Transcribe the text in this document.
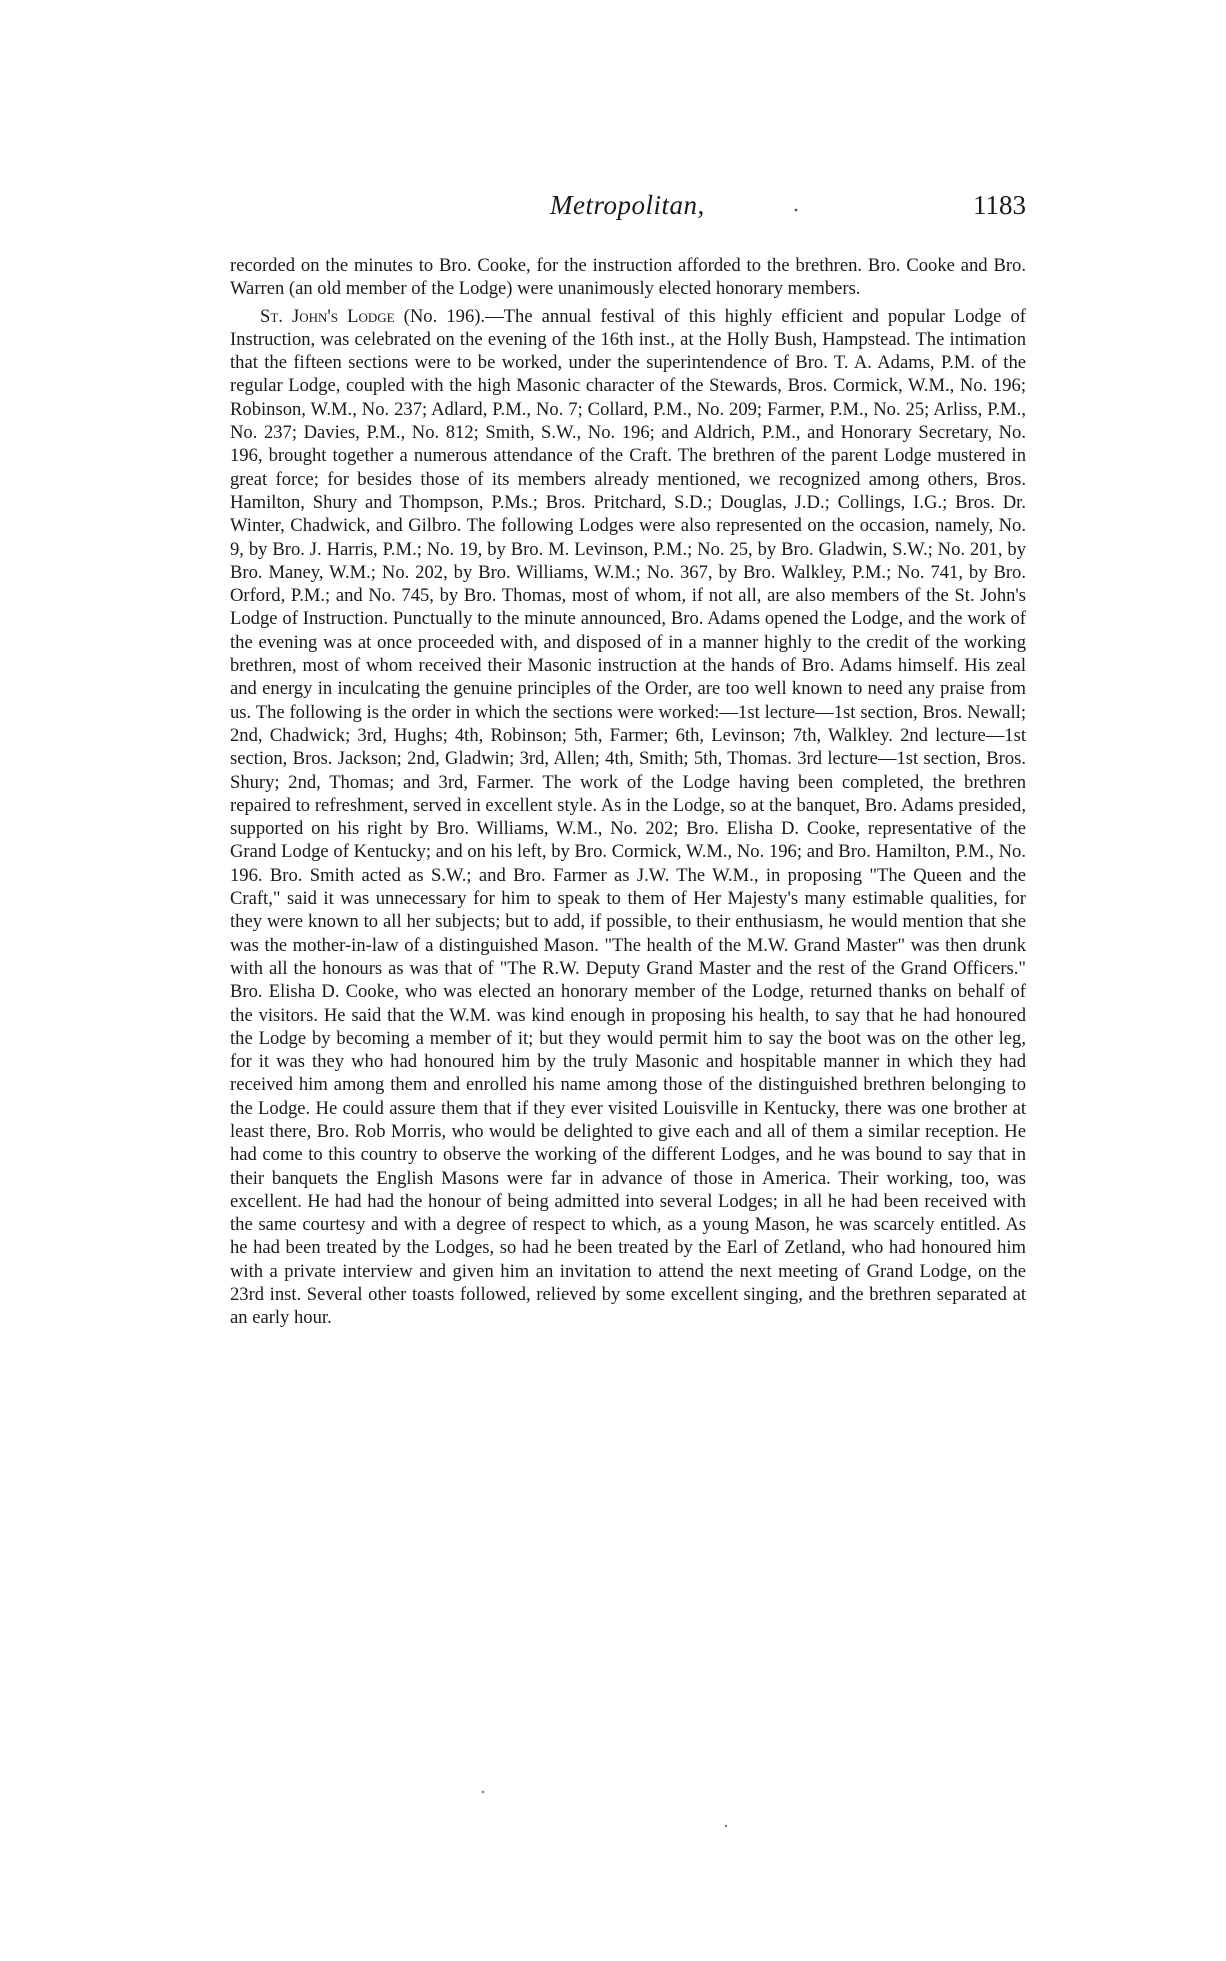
Metropolitan,	1183

recorded on the minutes to Bro. Cooke, for the instruction afforded to the brethren. Bro. Cooke and Bro. Warren (an old member of the Lodge) were unanimously elected honorary members.

St. John's Lodge (No. 196).—The annual festival of this highly efficient and popular Lodge of Instruction, was celebrated on the evening of the 16th inst., at the Holly Bush, Hampstead. The intimation that the fifteen sections were to be worked, under the superintendence of Bro. T. A. Adams, P.M. of the regular Lodge, coupled with the high Masonic character of the Stewards, Bros. Cormick, W.M., No. 196; Robinson, W.M., No. 237; Adlard, P.M., No. 7; Collard, P.M., No. 209; Farmer, P.M., No. 25; Arliss, P.M., No. 237; Davies, P.M., No. 812; Smith, S.W., No. 196; and Aldrich, P.M., and Honorary Secretary, No. 196, brought together a numerous attendance of the Craft. The brethren of the parent Lodge mustered in great force; for besides those of its members already mentioned, we recognized among others, Bros. Hamilton, Shury and Thompson, P.Ms.; Bros. Pritchard, S.D.; Douglas, J.D.; Collings, I.G.; Bros. Dr. Winter, Chadwick, and Gilbro. The following Lodges were also represented on the occasion, namely, No. 9, by Bro. J. Harris, P.M.; No. 19, by Bro. M. Levinson, P.M.; No. 25, by Bro. Gladwin, S.W.; No. 201, by Bro. Maney, W.M.; No. 202, by Bro. Williams, W.M.; No. 367, by Bro. Walkley, P.M.; No. 741, by Bro. Orford, P.M.; and No. 745, by Bro. Thomas, most of whom, if not all, are also members of the St. John's Lodge of Instruction. Punctually to the minute announced, Bro. Adams opened the Lodge, and the work of the evening was at once proceeded with, and disposed of in a manner highly to the credit of the working brethren, most of whom received their Masonic instruction at the hands of Bro. Adams himself. His zeal and energy in inculcating the genuine principles of the Order, are too well known to need any praise from us. The following is the order in which the sections were worked:—1st lecture—1st section, Bros. Newall; 2nd, Chadwick; 3rd, Hughs; 4th, Robinson; 5th, Farmer; 6th, Levinson; 7th, Walkley. 2nd lecture—1st section, Bros. Jackson; 2nd, Gladwin; 3rd, Allen; 4th, Smith; 5th, Thomas. 3rd lecture—1st section, Bros. Shury; 2nd, Thomas; and 3rd, Farmer. The work of the Lodge having been completed, the brethren repaired to refreshment, served in excellent style. As in the Lodge, so at the banquet, Bro. Adams presided, supported on his right by Bro. Williams, W.M., No. 202; Bro. Elisha D. Cooke, representative of the Grand Lodge of Kentucky; and on his left, by Bro. Cormick, W.M., No. 196; and Bro. Hamilton, P.M., No. 196. Bro. Smith acted as S.W.; and Bro. Farmer as J.W. The W.M., in proposing "The Queen and the Craft," said it was unnecessary for him to speak to them of Her Majesty's many estimable qualities, for they were known to all her subjects; but to add, if possible, to their enthusiasm, he would mention that she was the mother-in-law of a distinguished Mason. "The health of the M.W. Grand Master" was then drunk with all the honours as was that of "The R.W. Deputy Grand Master and the rest of the Grand Officers." Bro. Elisha D. Cooke, who was elected an honorary member of the Lodge, returned thanks on behalf of the visitors. He said that the W.M. was kind enough in proposing his health, to say that he had honoured the Lodge by becoming a member of it; but they would permit him to say the boot was on the other leg, for it was they who had honoured him by the truly Masonic and hospitable manner in which they had received him among them and enrolled his name among those of the distinguished brethren belonging to the Lodge. He could assure them that if they ever visited Louisville in Kentucky, there was one brother at least there, Bro. Rob Morris, who would be delighted to give each and all of them a similar reception. He had come to this country to observe the working of the different Lodges, and he was bound to say that in their banquets the English Masons were far in advance of those in America. Their working, too, was excellent. He had had the honour of being admitted into several Lodges; in all he had been received with the same courtesy and with a degree of respect to which, as a young Mason, he was scarcely entitled. As he had been treated by the Lodges, so had he been treated by the Earl of Zetland, who had honoured him with a private interview and given him an invitation to attend the next meeting of Grand Lodge, on the 23rd inst. Several other toasts followed, relieved by some excellent singing, and the brethren separated at an early hour.
